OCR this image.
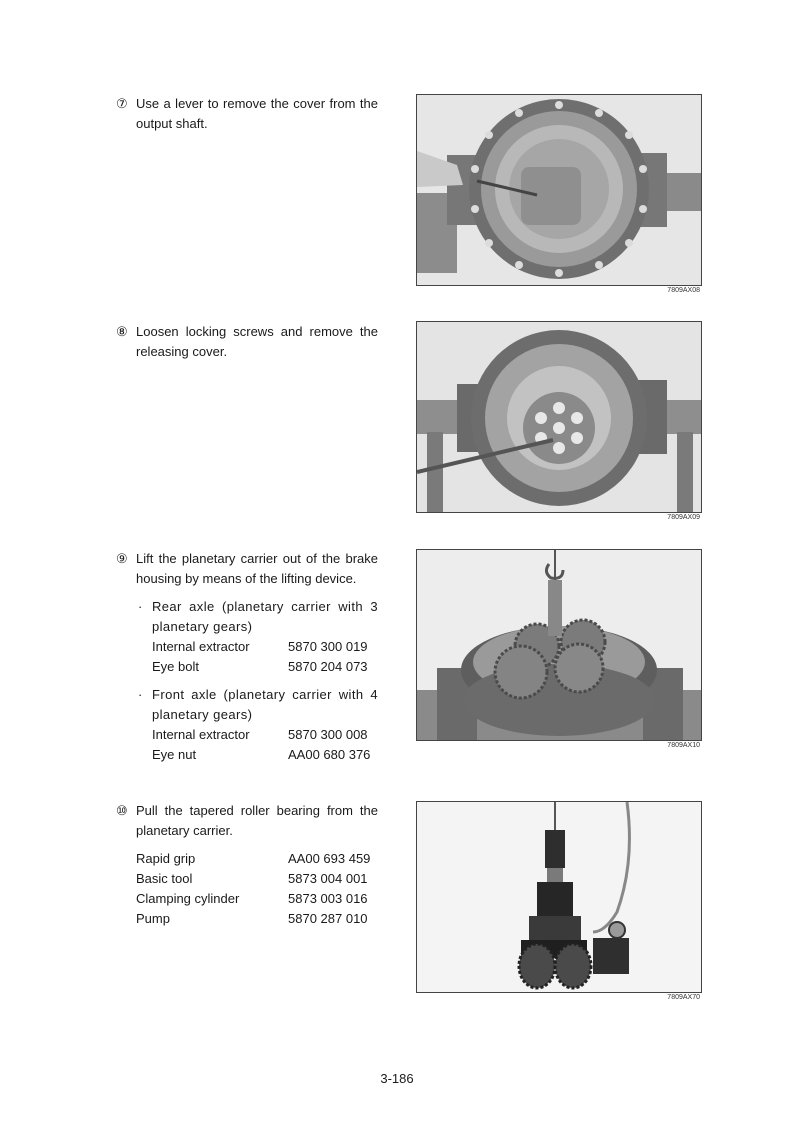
⑦ Use a lever to remove the cover from the output shaft.
7809AX08
⑧ Loosen locking screws and remove the releasing cover.
7809AX09
⑨ Lift the planetary carrier out of the brake housing by means of the lifting device.
· Rear axle (planetary carrier with 3 planetary gears)
Internal extractor	5870 300 019
Eye bolt	5870 204 073
· Front axle (planetary carrier with 4 planetary gears)
Internal extractor	5870 300 008
Eye nut	AA00 680 376
7809AX10
⑩ Pull the tapered roller bearing from the planetary carrier.
Rapid grip	AA00 693 459
Basic tool	5873 004 001
Clamping cylinder	5873 003 016
Pump	5870 287 010
7809AX70
3-186
